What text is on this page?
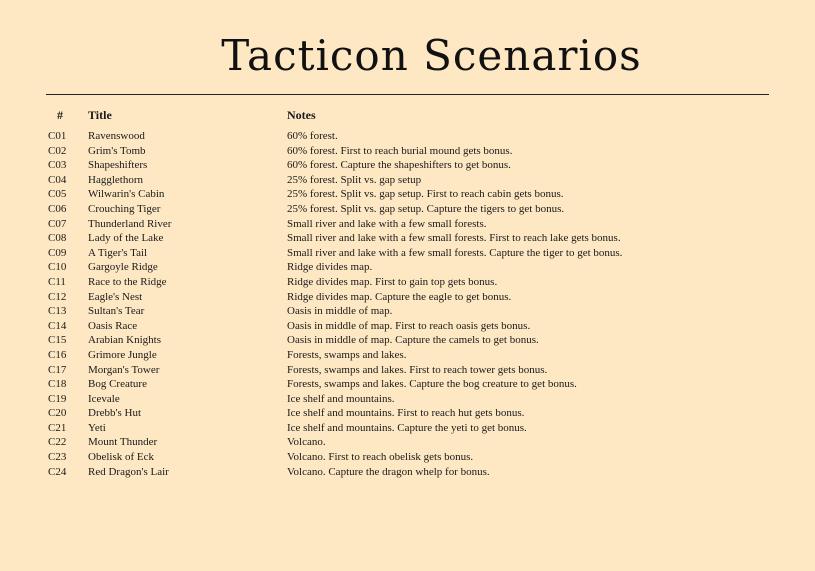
Tacticon Scenarios
# Title	Notes
C01 Ravenswood	60% forest.
C02 Grim's Tomb	60% forest. First to reach burial mound gets bonus.
C03 Shapeshifters	60% forest. Capture the shapeshifters to get bonus.
C04 Hagglethorn	25% forest. Split vs. gap setup
C05 Wilwarin's Cabin	25% forest. Split vs. gap setup. First to reach cabin gets bonus.
C06 Crouching Tiger	25% forest. Split vs. gap setup. Capture the tigers to get bonus.
C07 Thunderland River	Small river and lake with a few small forests.
C08 Lady of the Lake	Small river and lake with a few small forests. First to reach lake gets bonus.
C09 A Tiger's Tail	Small river and lake with a few small forests. Capture the tiger to get bonus.
C10 Gargoyle Ridge	Ridge divides map.
C11 Race to the Ridge	Ridge divides map. First to gain top gets bonus.
C12 Eagle's Nest	Ridge divides map. Capture the eagle to get bonus.
C13 Sultan's Tear	Oasis in middle of map.
C14 Oasis Race	Oasis in middle of map. First to reach oasis gets bonus.
C15 Arabian Knights	Oasis in middle of map. Capture the camels to get bonus.
C16 Grimore Jungle	Forests, swamps and lakes.
C17 Morgan's Tower	Forests, swamps and lakes. First to reach tower gets bonus.
C18 Bog Creature	Forests, swamps and lakes. Capture the bog creature to get bonus.
C19 Icevale	Ice shelf and mountains.
C20 Drebb's Hut	Ice shelf and mountains. First to reach hut gets bonus.
C21 Yeti	Ice shelf and mountains. Capture the yeti to get bonus.
C22 Mount Thunder	Volcano.
C23 Obelisk of Eck	Volcano. First to reach obelisk gets bonus.
C24 Red Dragon's Lair	Volcano. Capture the dragon whelp for bonus.
